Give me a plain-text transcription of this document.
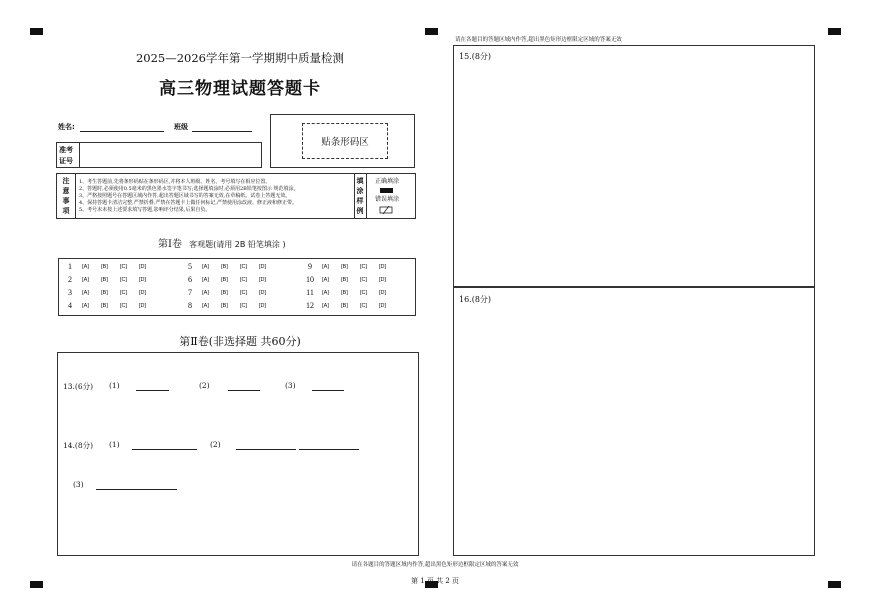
2025—2026学年第一学期期中质量检测
高三物理试题答题卡
姓名:	班级
准考
证号
贴条形码区
注
意
事
项
1、考生答题前,先将条形码贴在条形码区,并将本人班级、姓名、考号填写在相应位置。
2、答题时,必须使用0.5毫米的黑色墨水签字笔书写;选择题填涂时,必须用2B铅笔按图示 规范填涂。
3、严格按照题号在答题区域内作答,超出答题区域书写的答案无效,在草稿纸、试卷上答题无效。
4、保持答题卡清洁完整,严禁折叠,严禁在答题卡上做任何标记,严禁使用涂改液、修正液和修正带。
5、考号末未按上述要求填写答题,影响评分结果,后果自负。
填
涂
样
例
正确填涂
错误填涂
第Ⅰ卷 客观题(请用 2B 铅笔填涂 )
1	[A]	[B]	[C]	[D]
2	[A]	[B]	[C]	[D]
3	[A]	[B]	[C]	[D]
4	[A]	[B]	[C]	[D]
5	[A]	[B]	[C]	[D]
6	[A]	[B]	[C]	[D]
7	[A]	[B]	[C]	[D]
8	[A]	[B]	[C]	[D]
9	[A]	[B]	[C]	[D]
10	[A]	[B]	[C]	[D]
11	[A]	[B]	[C]	[D]
12	[A]	[B]	[C]	[D]
第Ⅱ卷(非选择题 共60分)
13.(6分) (1)	(2)	(3)
14.(8分) (1)	(2)
(3)
请在各题目的答题区域内作答,超出黑色矩形边框限定区域的答案无效
15.(8分)
16.(8分)
请在各题目的答题区域内作答,超出黑色矩形边框限定区域的答案无效
第 1 页 共 2 页
